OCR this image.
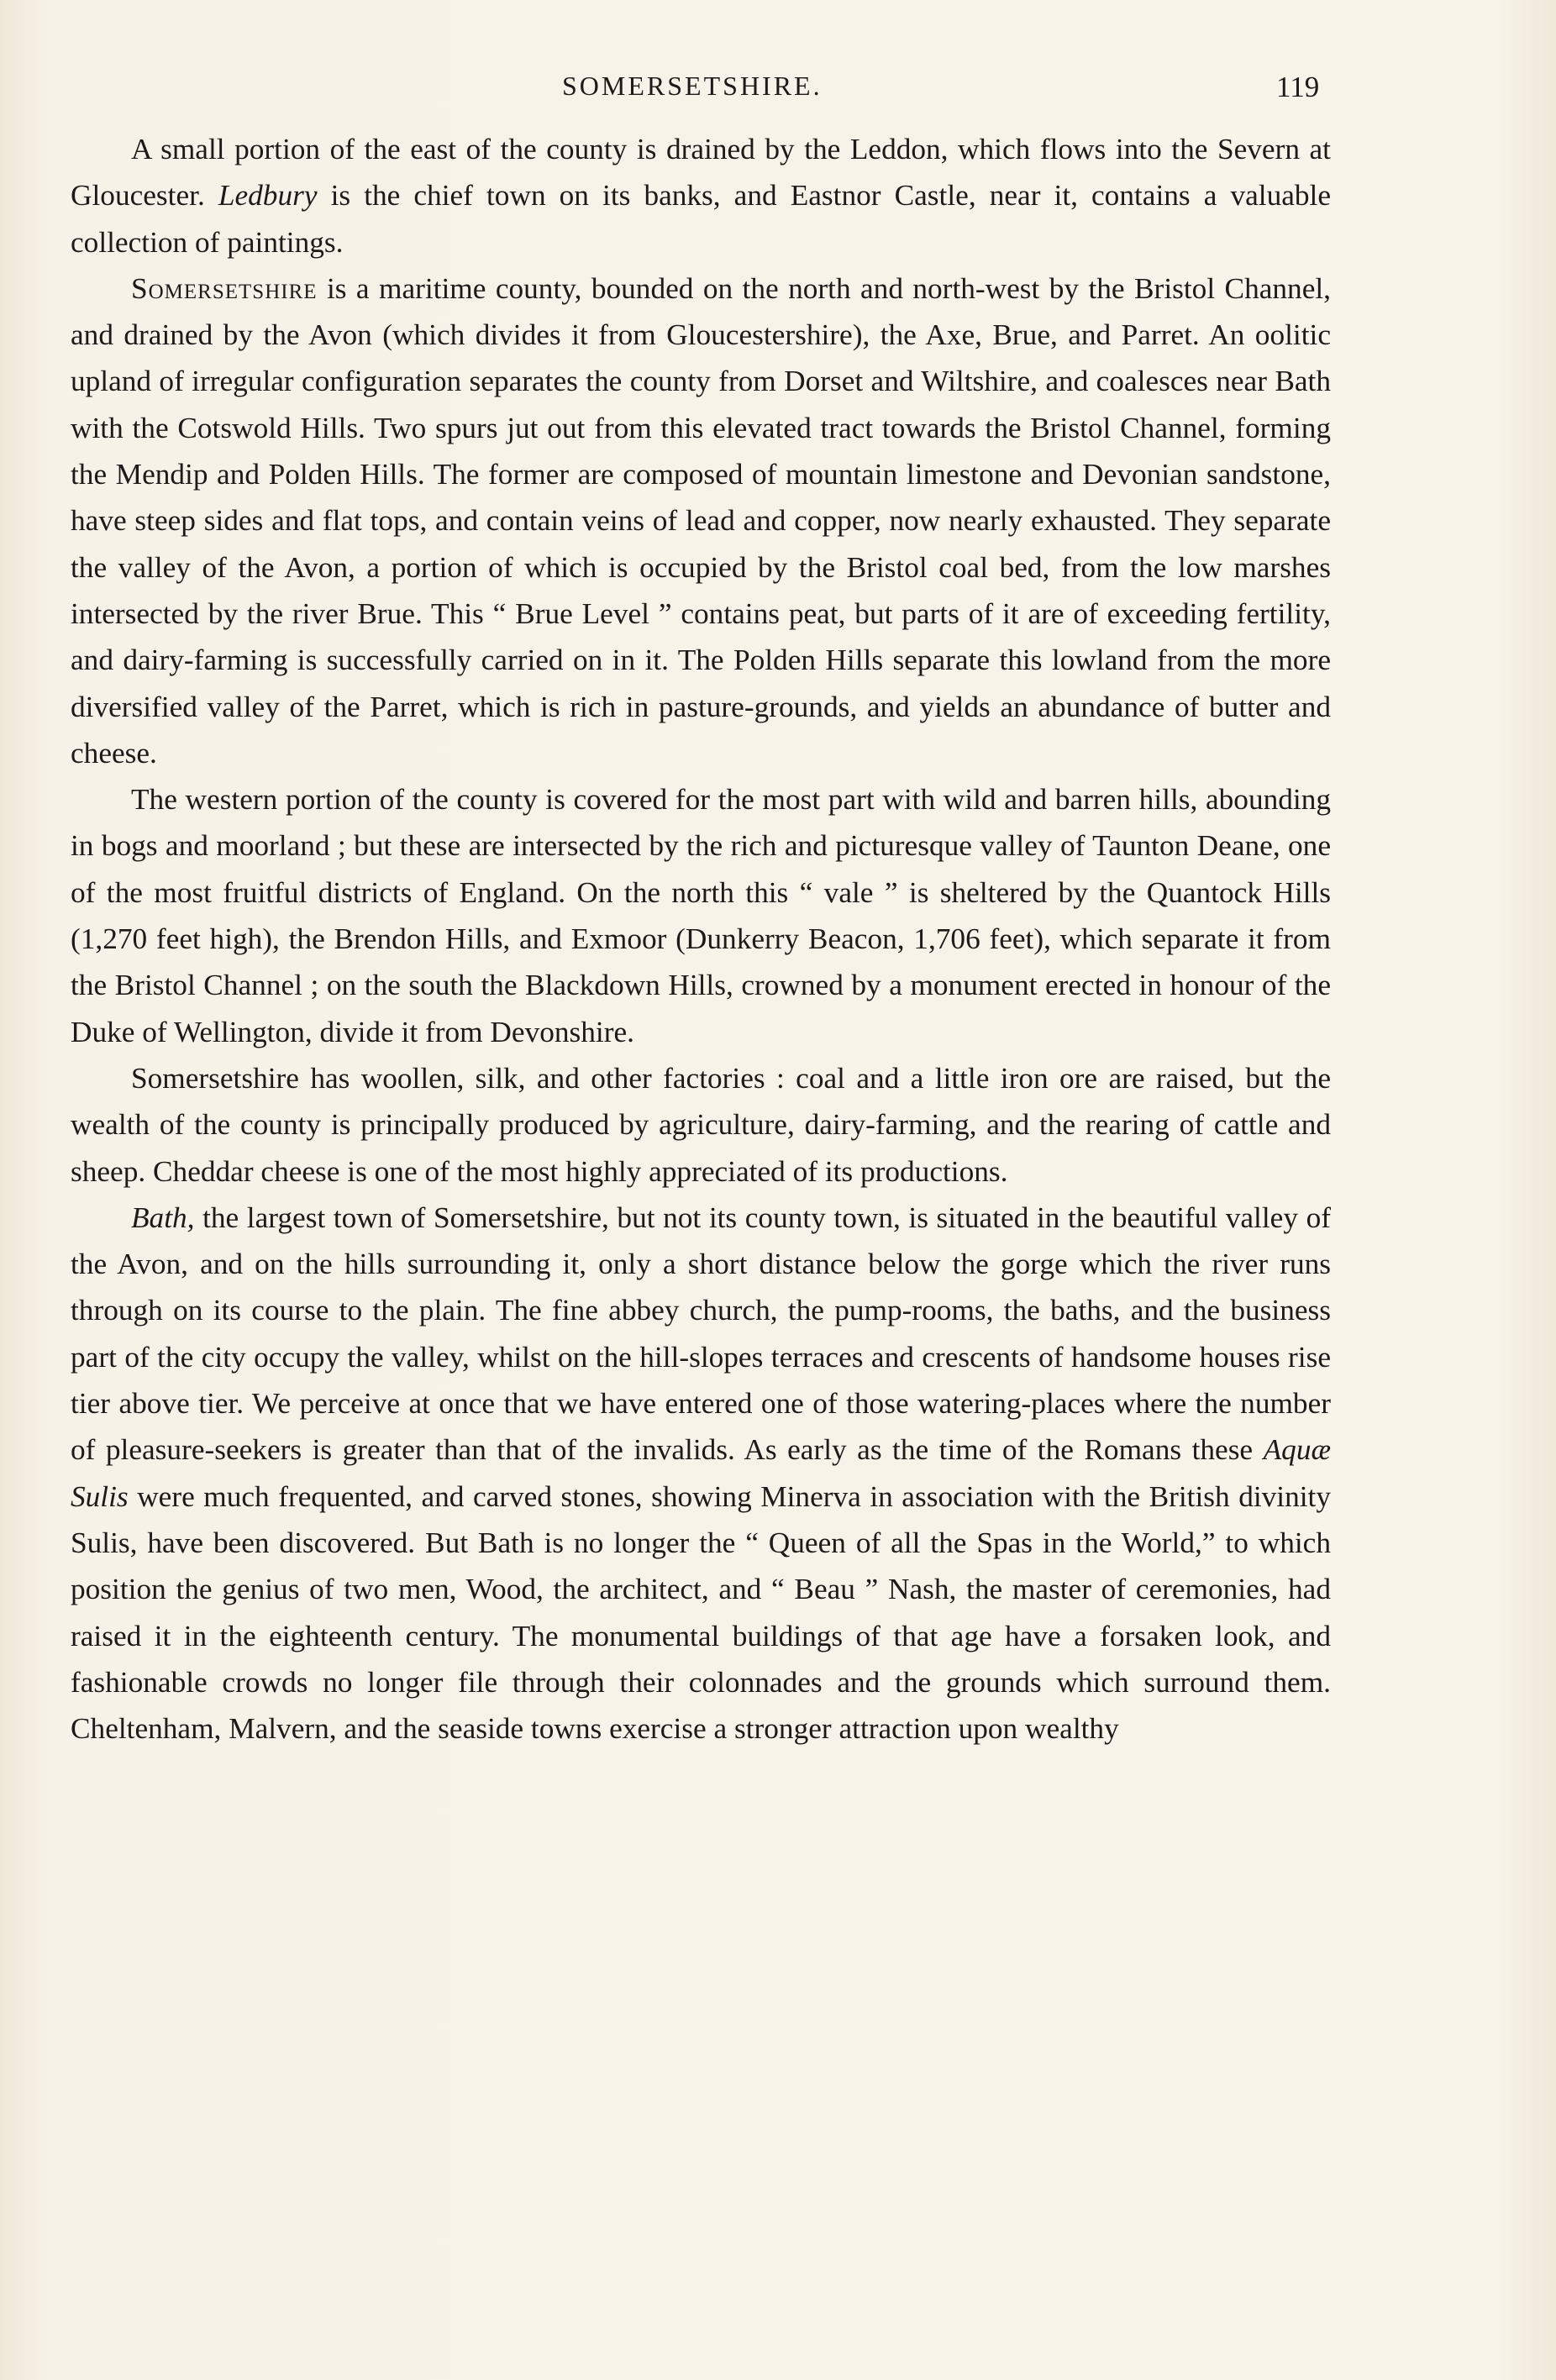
SOMERSETSHIRE.	119

A small portion of the east of the county is drained by the Leddon, which flows into the Severn at Gloucester. Ledbury is the chief town on its banks, and Eastnor Castle, near it, contains a valuable collection of paintings.

Somersetshire is a maritime county, bounded on the north and north-west by the Bristol Channel, and drained by the Avon (which divides it from Gloucestershire), the Axe, Brue, and Parret. An oolitic upland of irregular configuration separates the county from Dorset and Wiltshire, and coalesces near Bath with the Cotswold Hills. Two spurs jut out from this elevated tract towards the Bristol Channel, forming the Mendip and Polden Hills. The former are composed of mountain limestone and Devonian sandstone, have steep sides and flat tops, and contain veins of lead and copper, now nearly exhausted. They separate the valley of the Avon, a portion of which is occupied by the Bristol coal bed, from the low marshes intersected by the river Brue. This “ Brue Level ” contains peat, but parts of it are of exceeding fertility, and dairy-farming is successfully carried on in it. The Polden Hills separate this lowland from the more diversified valley of the Parret, which is rich in pasture-grounds, and yields an abundance of butter and cheese.

The western portion of the county is covered for the most part with wild and barren hills, abounding in bogs and moorland ; but these are intersected by the rich and picturesque valley of Taunton Deane, one of the most fruitful districts of England. On the north this “ vale ” is sheltered by the Quantock Hills (1,270 feet high), the Brendon Hills, and Exmoor (Dunkerry Beacon, 1,706 feet), which separate it from the Bristol Channel ; on the south the Blackdown Hills, crowned by a monument erected in honour of the Duke of Wellington, divide it from Devonshire.

Somersetshire has woollen, silk, and other factories : coal and a little iron ore are raised, but the wealth of the county is principally produced by agriculture, dairy-farming, and the rearing of cattle and sheep. Cheddar cheese is one of the most highly appreciated of its productions.

Bath, the largest town of Somersetshire, but not its county town, is situated in the beautiful valley of the Avon, and on the hills surrounding it, only a short distance below the gorge which the river runs through on its course to the plain. The fine abbey church, the pump-rooms, the baths, and the business part of the city occupy the valley, whilst on the hill-slopes terraces and crescents of handsome houses rise tier above tier. We perceive at once that we have entered one of those watering-places where the number of pleasure-seekers is greater than that of the invalids. As early as the time of the Romans these Aquæ Sulis were much frequented, and carved stones, showing Minerva in association with the British divinity Sulis, have been discovered. But Bath is no longer the “ Queen of all the Spas in the World,” to which position the genius of two men, Wood, the architect, and “ Beau ” Nash, the master of ceremonies, had raised it in the eighteenth century. The monumental buildings of that age have a forsaken look, and fashionable crowds no longer file through their colonnades and the grounds which surround them. Cheltenham, Malvern, and the seaside towns exercise a stronger attraction upon wealthy
